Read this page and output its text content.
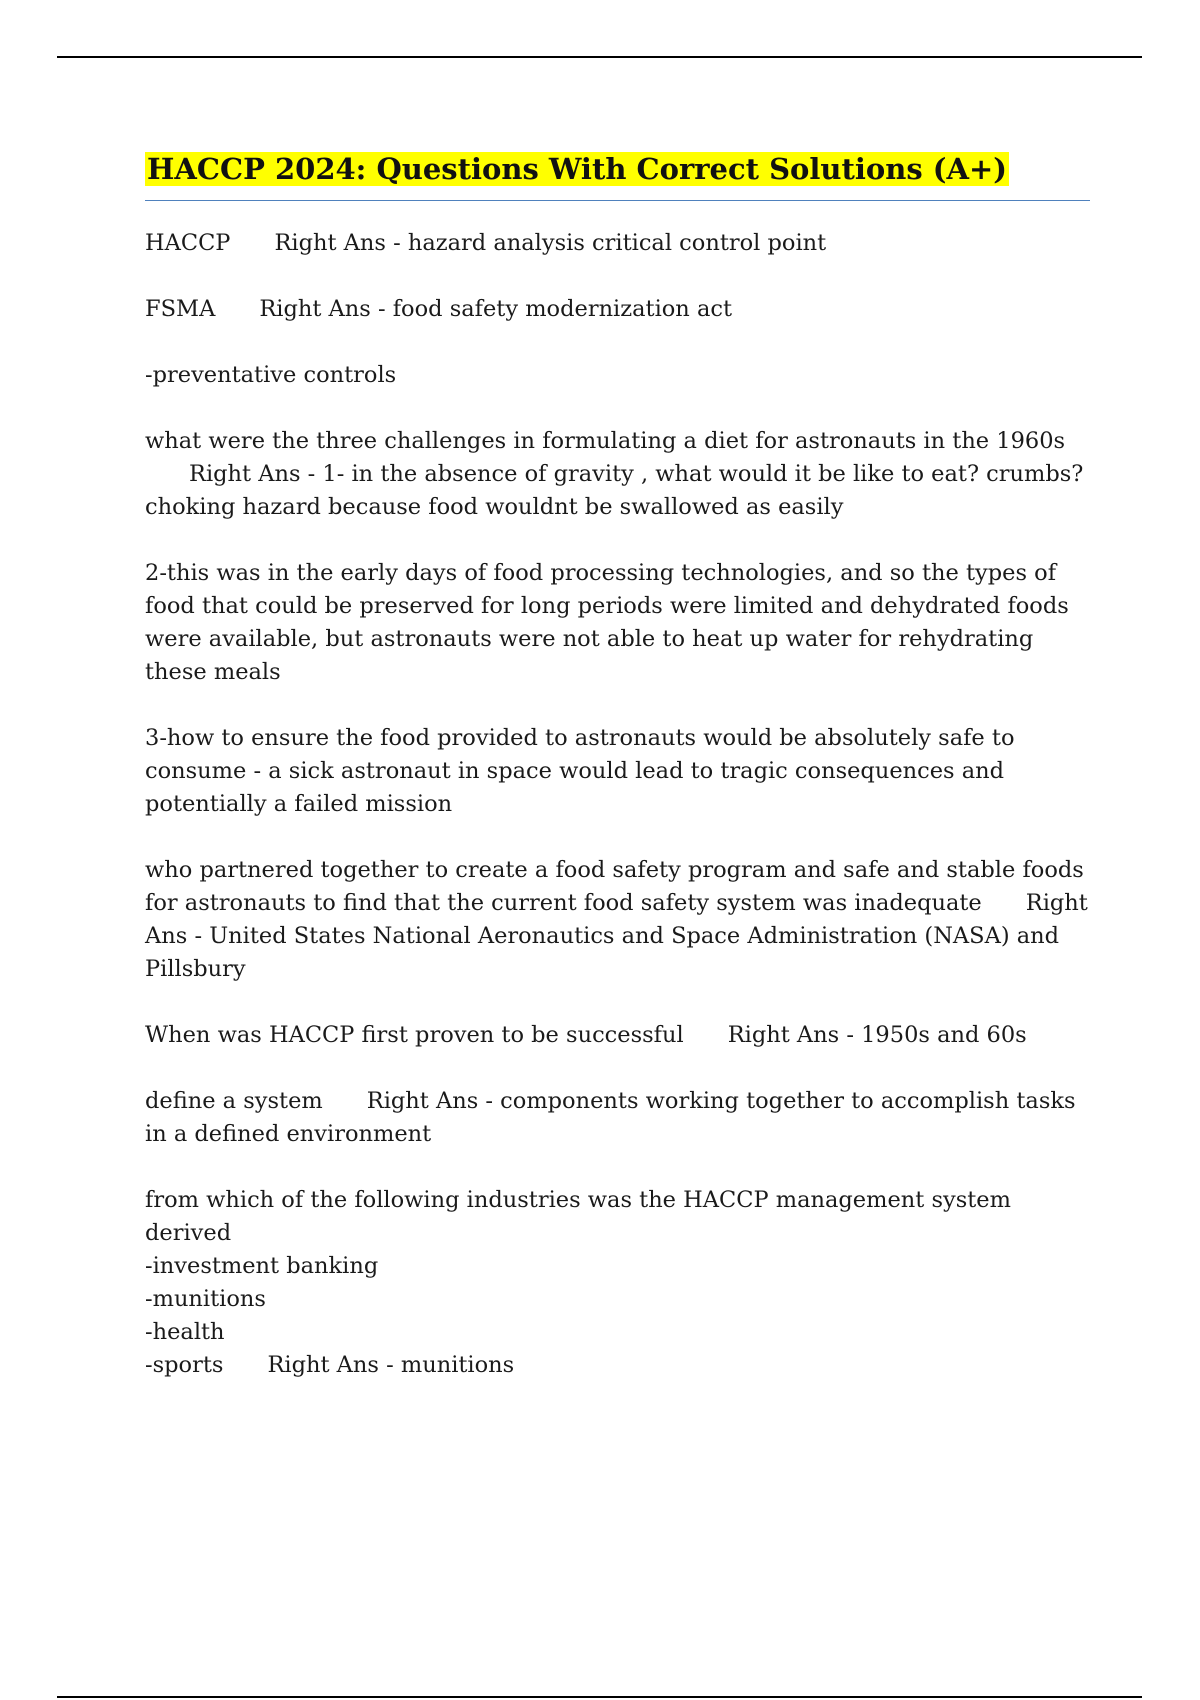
HACCP 2024: Questions With Correct Solutions (A+)

HACCP Right Ans - hazard analysis critical control point

FSMA Right Ans - food safety modernization act

-preventative controls

what were the three challenges in formulating a diet for astronauts in the 1960sRight Ans - 1- in the absence of gravity , what would it be like to eat? crumbs? choking hazard because food wouldnt be swallowed as easily

2-this was in the early days of food processing technologies, and so the types of food that could be preserved for long periods were limited and dehydrated foods were available, but astronauts were not able to heat up water for rehydrating these meals

3-how to ensure the food provided to astronauts would be absolutely safe to consume - a sick astronaut in space would lead to tragic consequences and potentially a failed mission

who partnered together to create a food safety program and safe and stable foods for astronauts to find that the current food safety system was inadequate Right Ans - United States National Aeronautics and Space Administration (NASA) and Pillsbury

When was HACCP first proven to be successful Right Ans - 1950s and 60s

define a system Right Ans - components working together to accomplish tasks in a defined environment

from which of the following industries was the HACCP management system derived
-investment banking
-munitions
-health
-sports Right Ans - munitions
